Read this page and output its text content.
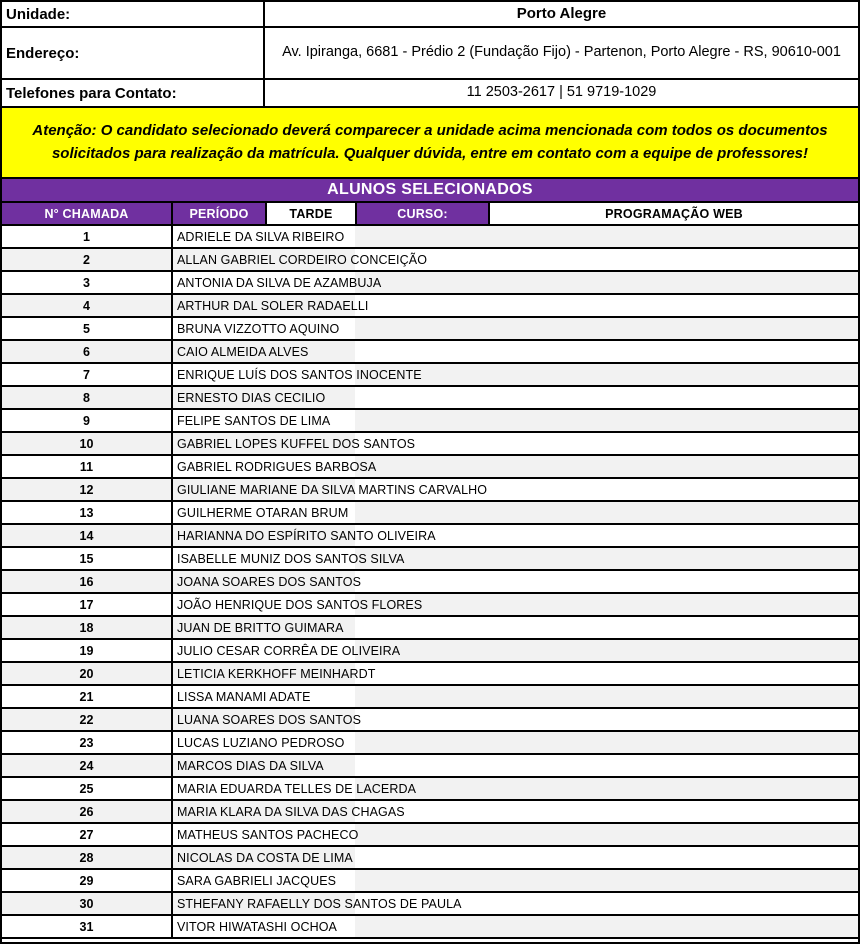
Unidade:	Porto Alegre
Endereço:	Av. Ipiranga, 6681 - Prédio 2 (Fundação Fijo) - Partenon, Porto Alegre - RS, 90610-001
Telefones para Contato:	11 2503-2617 | 51 9719-1029
Atenção: O candidato selecionado deverá comparecer a unidade acima mencionada com todos os documentos solicitados para realização da matrícula. Qualquer dúvida, entre em contato com a equipe de professores!
ALUNOS SELECIONADOS
N° CHAMADA	PERÍODO	TARDE	CURSO:	PROGRAMAÇÃO WEB
1	ADRIELE DA SILVA RIBEIRO
2	ALLAN GABRIEL CORDEIRO CONCEIÇÃO
3	ANTONIA DA SILVA DE AZAMBUJA
4	ARTHUR DAL SOLER RADAELLI
5	BRUNA VIZZOTTO AQUINO
6	CAIO ALMEIDA ALVES
7	ENRIQUE LUÍS DOS SANTOS INOCENTE
8	ERNESTO DIAS CECILIO
9	FELIPE SANTOS DE LIMA
10	GABRIEL LOPES KUFFEL DOS SANTOS
11	GABRIEL RODRIGUES BARBOSA
12	GIULIANE MARIANE DA SILVA MARTINS CARVALHO
13	GUILHERME OTARAN BRUM
14	HARIANNA DO ESPÍRITO SANTO OLIVEIRA
15	ISABELLE MUNIZ DOS SANTOS SILVA
16	JOANA SOARES DOS SANTOS
17	JOÃO HENRIQUE DOS SANTOS FLORES
18	JUAN DE BRITTO GUIMARA
19	JULIO CESAR CORRÊA DE OLIVEIRA
20	LETICIA KERKHOFF MEINHARDT
21	LISSA MANAMI ADATE
22	LUANA SOARES DOS SANTOS
23	LUCAS LUZIANO PEDROSO
24	MARCOS DIAS DA SILVA
25	MARIA EDUARDA TELLES DE LACERDA
26	MARIA KLARA DA SILVA DAS CHAGAS
27	MATHEUS SANTOS PACHECO
28	NICOLAS DA COSTA DE LIMA
29	SARA GABRIELI JACQUES
30	STHEFANY RAFAELLY DOS SANTOS DE PAULA
31	VITOR HIWATASHI OCHOA
